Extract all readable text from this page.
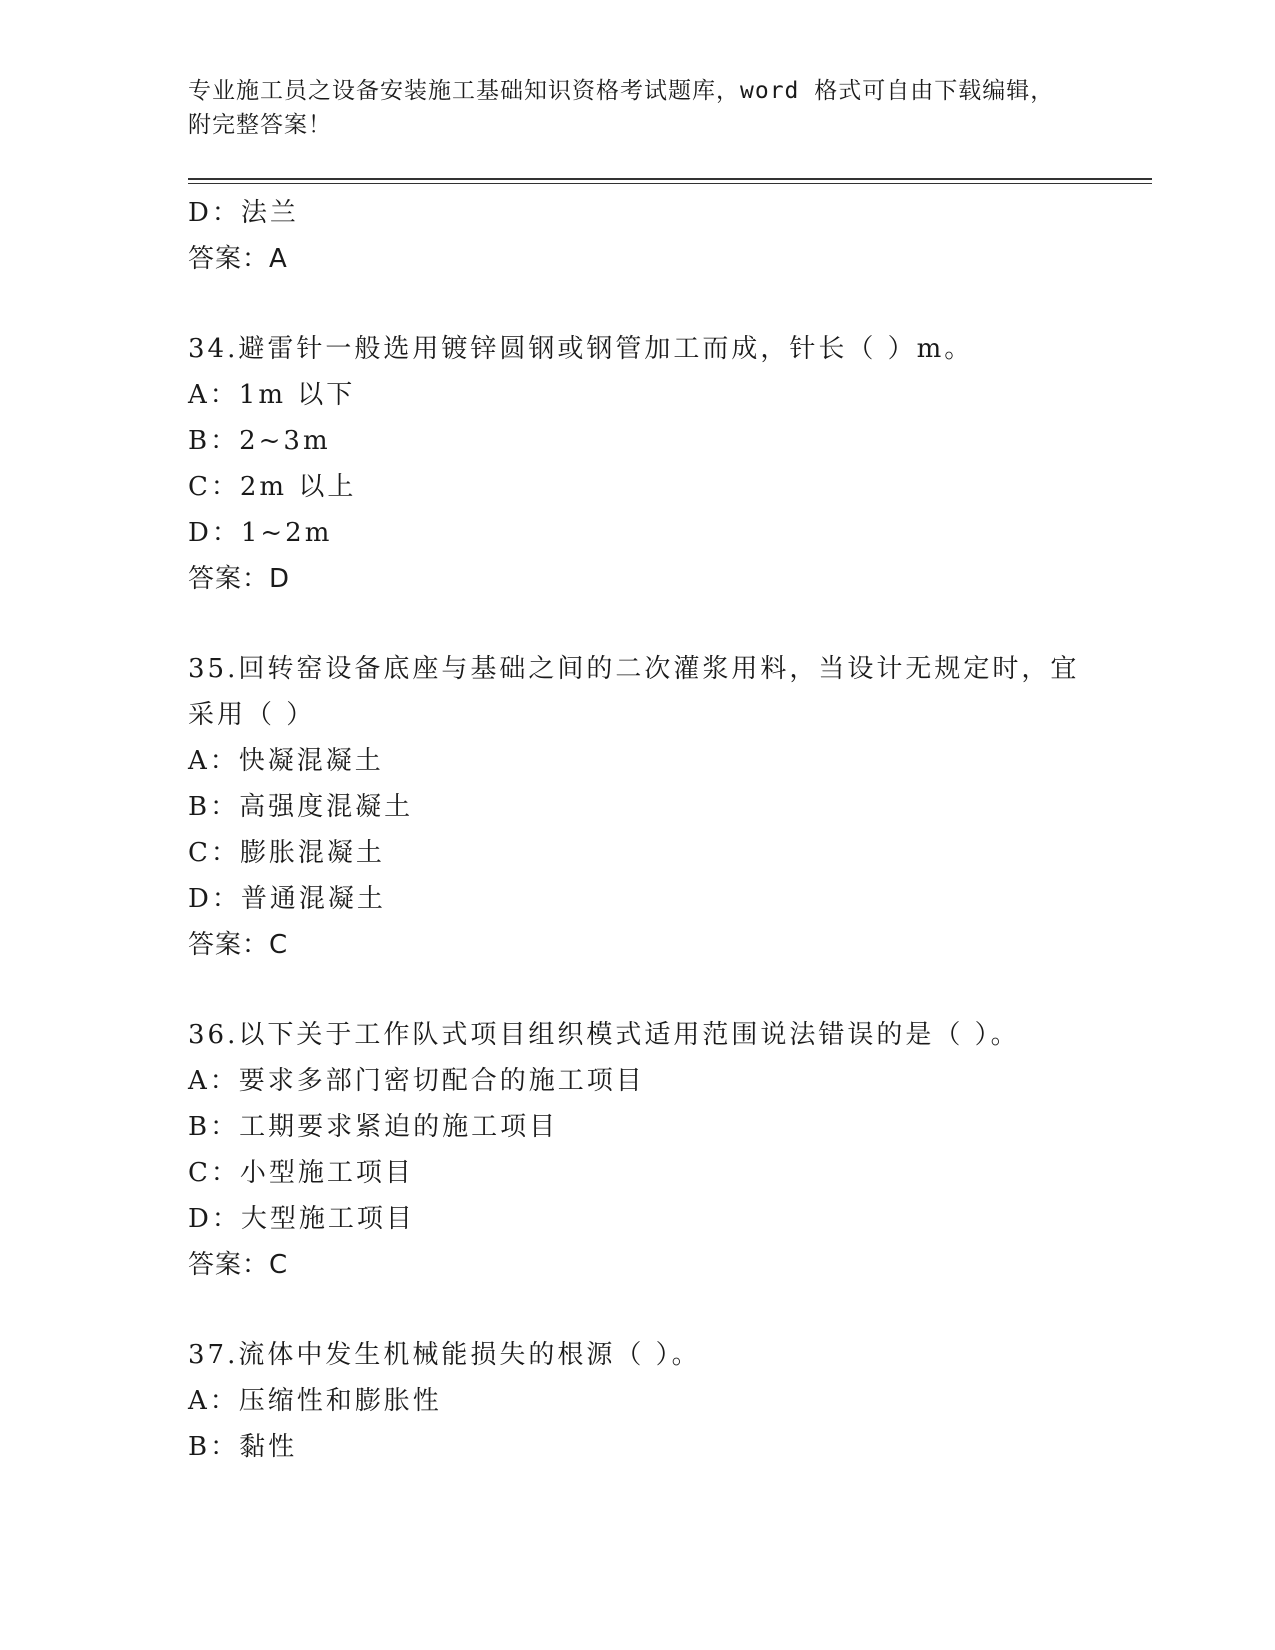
专业施工员之设备安装施工基础知识资格考试题库，word 格式可自由下载编辑，
附完整答案！
D：法兰
答案：A
34.避雷针一般选用镀锌圆钢或钢管加工而成，针长（ ）m。
A：1m 以下
B：2~3m
C：2m 以上
D：1~2m
答案：D
35.回转窑设备底座与基础之间的二次灌浆用料，当设计无规定时，宜
采用（ ）
A：快凝混凝土
B：高强度混凝土
C：膨胀混凝土
D：普通混凝土
答案：C
36.以下关于工作队式项目组织模式适用范围说法错误的是（ ）。
A：要求多部门密切配合的施工项目
B：工期要求紧迫的施工项目
C：小型施工项目
D：大型施工项目
答案：C
37.流体中发生机械能损失的根源（ ）。
A：压缩性和膨胀性
B：黏性
